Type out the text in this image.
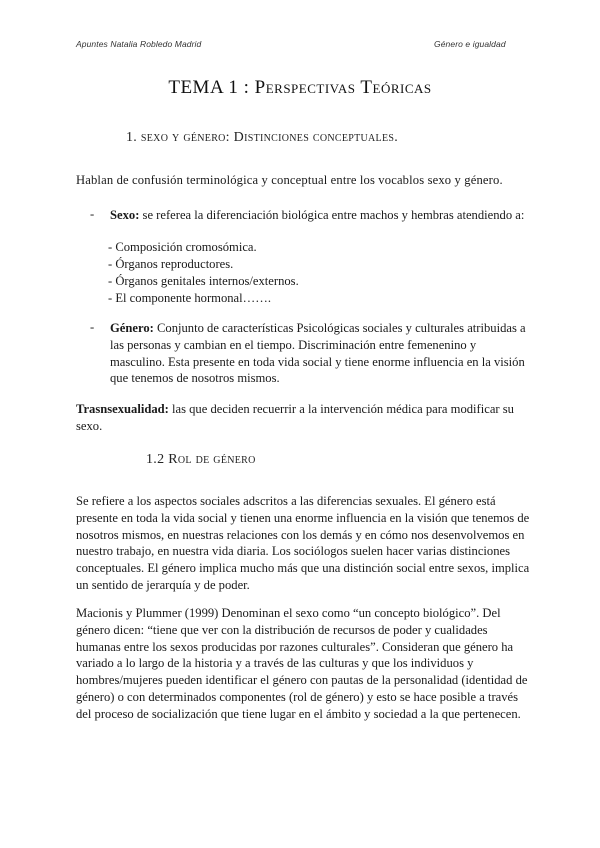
Apuntes Natalia Robledo Madrid	Género e igualdad
TEMA 1 : Perspectivas Teóricas
1. sexo y género: Distinciones conceptuales.
Hablan de confusión terminológica y conceptual entre los vocablos sexo y género.
- Sexo: se referea la diferenciación biológica entre machos y hembras atendiendo a:
- Composición cromosómica.
- Órganos reproductores.
- Órganos genitales internos/externos.
- El componente hormonal…….
- Género: Conjunto de características Psicológicas sociales y culturales atribuidas a las personas y cambian en el tiempo. Discriminación entre femenenino y masculino. Esta presente en toda vida social y tiene enorme influencia en la visión que tenemos de nosotros mismos.
Trasnsexualidad: las que deciden recuerrir a la intervención médica para modificar su sexo.
1.2 Rol de género
Se refiere a los aspectos sociales adscritos a las diferencias sexuales. El género está presente en toda la vida social y tienen una enorme influencia en la visión que tenemos de nosotros mismos, en nuestras relaciones con los demás y en cómo nos desenvolvemos en nuestro trabajo, en nuestra vida diaria. Los sociólogos suelen hacer varias distinciones conceptuales. El género implica mucho más que una distinción social entre sexos, implica un sentido de jerarquía y de poder.
Macionis y Plummer (1999) Denominan el sexo como “un concepto biológico”. Del género dicen: “tiene que ver con la distribución de recursos de poder y cualidades humanas entre los sexos producidas por razones culturales”. Consideran que género ha variado a lo largo de la historia y a través de las culturas y que los individuos y hombres/mujeres pueden identificar el género con pautas de la personalidad (identidad de género) o con determinados componentes (rol de género) y esto se hace posible a través del proceso de socialización que tiene lugar en el ámbito y sociedad a la que pertenecen.
